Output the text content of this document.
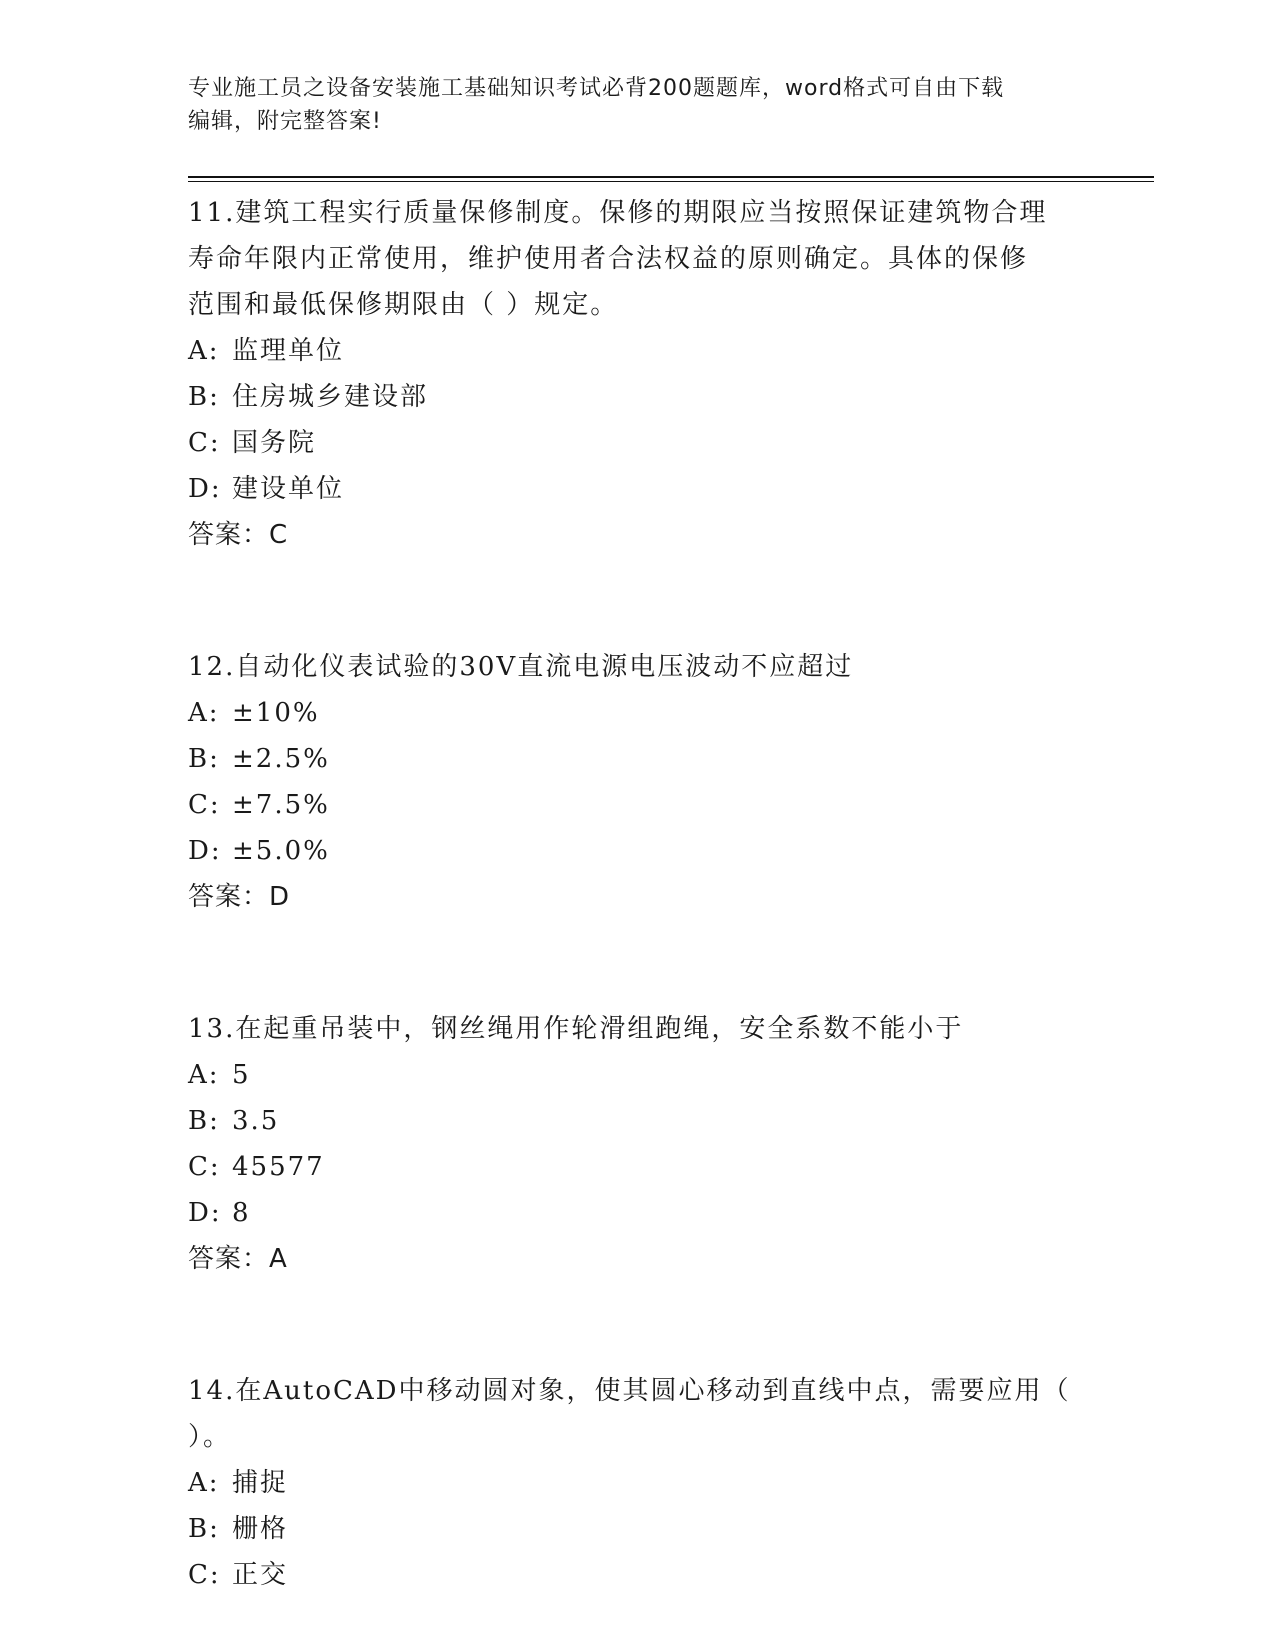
专业施工员之设备安装施工基础知识考试必背200题题库，word格式可自由下载
编辑，附完整答案!
11.建筑工程实行质量保修制度。保修的期限应当按照保证建筑物合理
寿命年限内正常使用，维护使用者合法权益的原则确定。具体的保修
范围和最低保修期限由（ ）规定。
A: 监理单位
B: 住房城乡建设部
C: 国务院
D: 建设单位
答案：C
12.自动化仪表试验的30V直流电源电压波动不应超过
A: ±10%
B: ±2.5%
C: ±7.5%
D: ±5.0%
答案：D
13.在起重吊装中，钢丝绳用作轮滑组跑绳，安全系数不能小于
A: 5
B: 3.5
C: 45577
D: 8
答案：A
14.在AutoCAD中移动圆对象，使其圆心移动到直线中点，需要应用（
）。
A: 捕捉
B: 栅格
C: 正交
